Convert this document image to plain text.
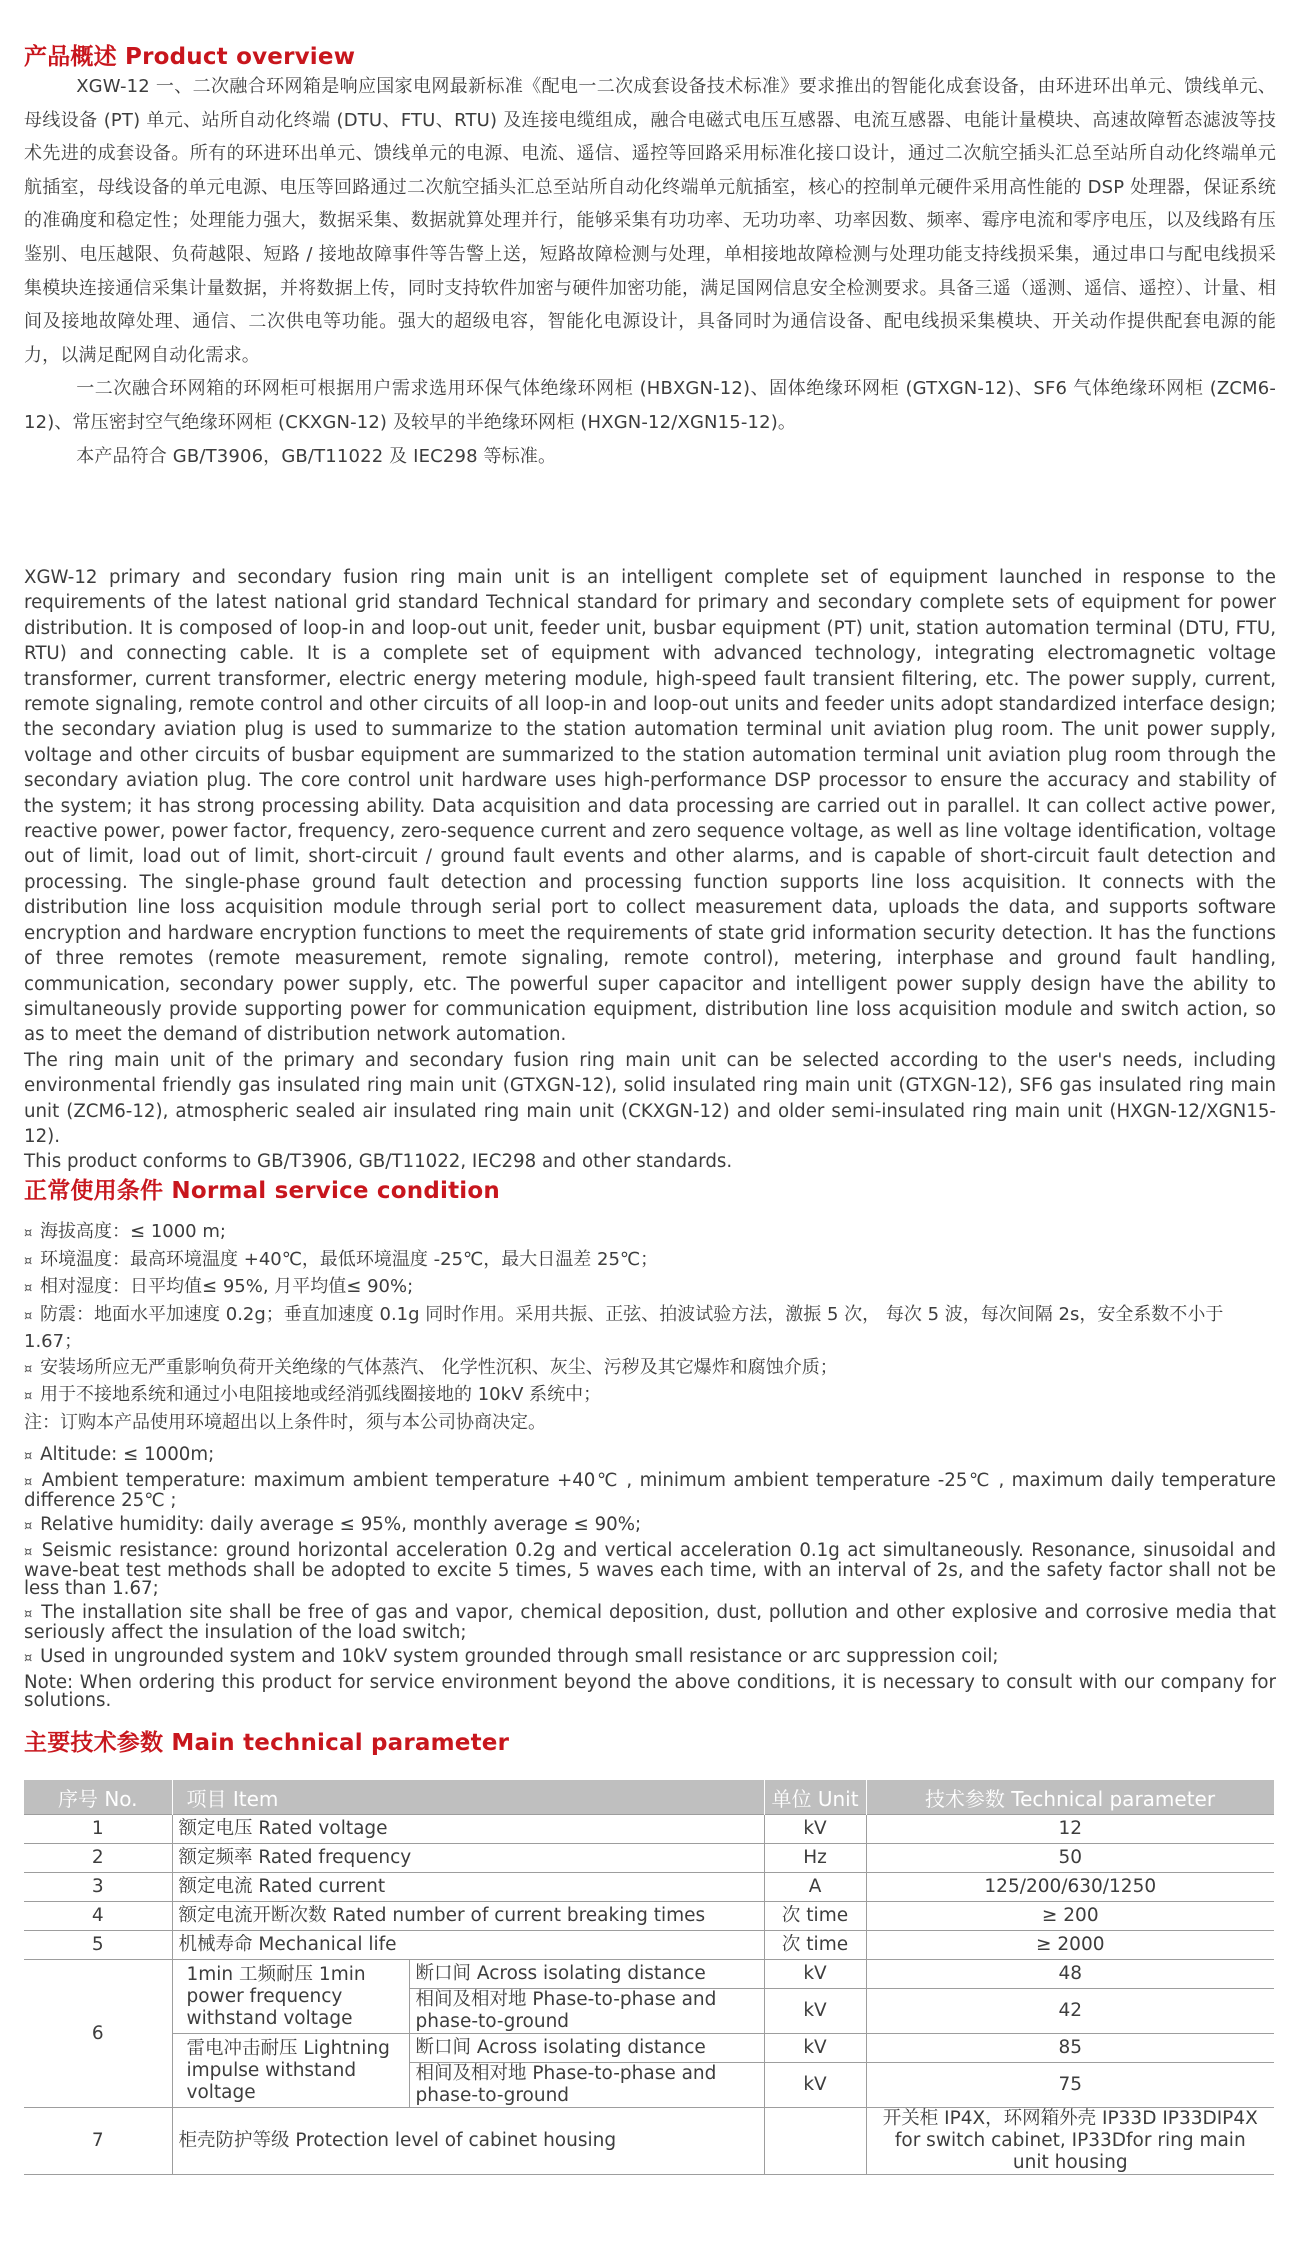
产品概述 Product overview

XGW-12 一、二次融合环网箱是响应国家电网最新标准《配电一二次成套设备技术标准》要求推出的智能化成套设备，由环进环出单元、馈线单元、母线设备 (PT) 单元、站所自动化终端 (DTU、FTU、RTU) 及连接电缆组成，融合电磁式电压互感器、电流互感器、电能计量模块、高速故障暂态滤波等技术先进的成套设备。所有的环进环出单元、馈线单元的电源、电流、遥信、遥控等回路采用标准化接口设计，通过二次航空插头汇总至站所自动化终端单元航插室，母线设备的单元电源、电压等回路通过二次航空插头汇总至站所自动化终端单元航插室，核心的控制单元硬件采用高性能的 DSP 处理器，保证系统的准确度和稳定性；处理能力强大，数据采集、数据就算处理并行，能够采集有功功率、无功功率、功率因数、频率、霉序电流和零序电压，以及线路有压鉴别、电压越限、负荷越限、短路 / 接地故障事件等告警上送，短路故障检测与处理，单相接地故障检测与处理功能支持线损采集，通过串口与配电线损采集模块连接通信采集计量数据，并将数据上传，同时支持软件加密与硬件加密功能，满足国网信息安全检测要求。具备三遥（遥测、遥信、遥控）、计量、相间及接地故障处理、通信、二次供电等功能。强大的超级电容，智能化电源设计，具备同时为通信设备、配电线损采集模块、开关动作提供配套电源的能力，以满足配网自动化需求。

一二次融合环网箱的环网柜可根据用户需求选用环保气体绝缘环网柜 (HBXGN-12)、固体绝缘环网柜 (GTXGN-12)、SF6 气体绝缘环网柜 (ZCM6-12)、常压密封空气绝缘环网柜 (CKXGN-12) 及较早的半绝缘环网柜 (HXGN-12/XGN15-12)。

本产品符合 GB/T3906，GB/T11022 及 IEC298 等标准。

XGW-12 primary and secondary fusion ring main unit is an intelligent complete set of equipment launched in response to the requirements of the latest national grid standard Technical standard for primary and secondary complete sets of equipment for power distribution. It is composed of loop-in and loop-out unit, feeder unit, busbar equipment (PT) unit, station automation terminal (DTU, FTU, RTU) and connecting cable. It is a complete set of equipment with advanced technology, integrating electromagnetic voltage transformer, current transformer, electric energy metering module, high-speed fault transient filtering, etc. The power supply, current, remote signaling, remote control and other circuits of all loop-in and loop-out units and feeder units adopt standardized interface design; the secondary aviation plug is used to summarize to the station automation terminal unit aviation plug room. The unit power supply, voltage and other circuits of busbar equipment are summarized to the station automation terminal unit aviation plug room through the secondary aviation plug. The core control unit hardware uses high-performance DSP processor to ensure the accuracy and stability of the system; it has strong processing ability. Data acquisition and data processing are carried out in parallel. It can collect active power, reactive power, power factor, frequency, zero-sequence current and zero sequence voltage, as well as line voltage identification, voltage out of limit, load out of limit, short-circuit / ground fault events and other alarms, and is capable of short-circuit fault detection and processing. The single-phase ground fault detection and processing function supports line loss acquisition. It connects with the distribution line loss acquisition module through serial port to collect measurement data, uploads the data, and supports software encryption and hardware encryption functions to meet the requirements of state grid information security detection. It has the functions of three remotes (remote measurement, remote signaling, remote control), metering, interphase and ground fault handling, communication, secondary power supply, etc. The powerful super capacitor and intelligent power supply design have the ability to simultaneously provide supporting power for communication equipment, distribution line loss acquisition module and switch action, so as to meet the demand of distribution network automation.

The ring main unit of the primary and secondary fusion ring main unit can be selected according to the user's needs, including environmental friendly gas insulated ring main unit (GTXGN-12), solid insulated ring main unit (GTXGN-12), SF6 gas insulated ring main unit (ZCM6-12), atmospheric sealed air insulated ring main unit (CKXGN-12) and older semi-insulated ring main unit (HXGN-12/XGN15-12).

This product conforms to GB/T3906, GB/T11022, IEC298 and other standards.

正常使用条件 Normal service condition

¤ 海拔高度：≤ 1000 m;

¤ 环境温度：最高环境温度 +40℃，最低环境温度 -25℃，最大日温差 25℃；

¤ 相对湿度：日平均值≤ 95%, 月平均值≤ 90%;

¤ 防震：地面水平加速度 0.2g；垂直加速度 0.1g 同时作用。采用共振、正弦、拍波试验方法，激振 5 次， 每次 5 波，每次间隔 2s，安全系数不小于 1.67；

¤ 安装场所应无严重影响负荷开关绝缘的气体蒸汽、 化学性沉积、灰尘、污秽及其它爆炸和腐蚀介质；

¤ 用于不接地系统和通过小电阻接地或经消弧线圈接地的 10kV 系统中；

注：订购本产品使用环境超出以上条件时，须与本公司协商决定。

¤ Altitude: ≤ 1000m;

¤ Ambient temperature: maximum ambient temperature +40℃ , minimum ambient temperature -25℃ , maximum daily temperature difference 25℃ ;

¤ Relative humidity: daily average ≤ 95%, monthly average ≤ 90%;

¤ Seismic resistance: ground horizontal acceleration 0.2g and vertical acceleration 0.1g act simultaneously. Resonance, sinusoidal and wave-beat test methods shall be adopted to excite 5 times, 5 waves each time, with an interval of 2s, and the safety factor shall not be less than 1.67;

¤ The installation site shall be free of gas and vapor, chemical deposition, dust, pollution and other explosive and corrosive media that seriously affect the insulation of the load switch;

¤ Used in ungrounded system and 10kV system grounded through small resistance or arc suppression coil;

Note: When ordering this product for service environment beyond the above conditions, it is necessary to consult with our company for solutions.

主要技术参数 Main technical parameter
序号 No.	项目 Item		单位 Unit	技术参数 Technical parameter
1	额定电压 Rated voltage		kV	12
2	额定频率 Rated frequency		Hz	50
3	额定电流 Rated current		A	125/200/630/1250
4	额定电流开断次数 Rated number of current breaking times		次 time	≥ 200
5	机械寿命 Mechanical life		次 time	≥ 2000
6	1min 工频耐压 1min power frequency withstand voltage	断口间 Across isolating distance	kV	48
		相间及相对地 Phase-to-phase and phase-to-ground	kV	42
	雷电冲击耐压 Lightning impulse withstand voltage	断口间 Across isolating distance	kV	85
		相间及相对地 Phase-to-phase and phase-to-ground	kV	75
7	柜壳防护等级 Protection level of cabinet housing			开关柜 IP4X，环网箱外壳 IP33D IP33DIP4X for switch cabinet, IP33Dfor ring main unit housing
